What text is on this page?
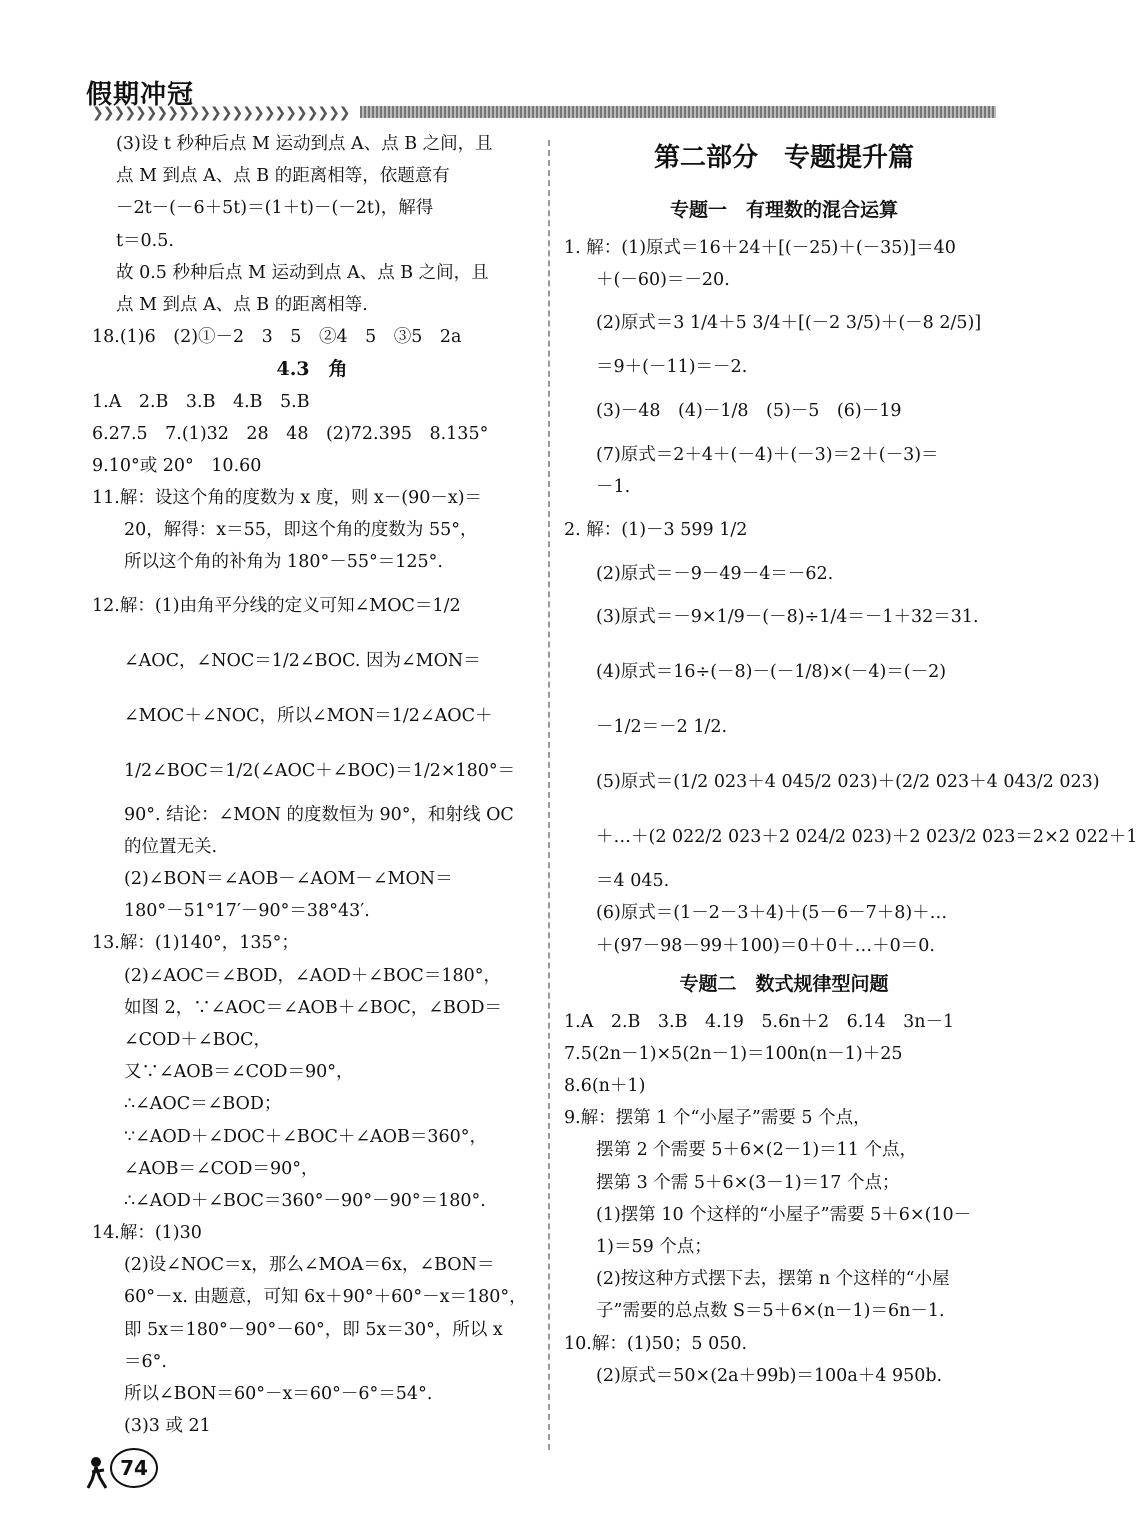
假期冲冠
❯❯❯❯❯❯❯❯❯❯❯❯❯❯❯❯❯❯❯❯❯❯❯❯
(3)设 t 秒种后点 M 运动到点 A、点 B 之间，且
点 M 到点 A、点 B 的距离相等，依题意有
－2t－(－6＋5t)＝(1＋t)－(－2t)，解得
t＝0.5.
故 0.5 秒种后点 M 运动到点 A、点 B 之间，且
点 M 到点 A、点 B 的距离相等.
18.(1)6　(2)①－2　3　5　②4　5　③5　2a
4.3　角
1.A　2.B　3.B　4.B　5.B
6.27.5　7.(1)32　28　48　(2)72.395　8.135°
9.10°或 20°　10.60
11.解：设这个角的度数为 x 度，则 x－(90－x)＝
20，解得：x＝55，即这个角的度数为 55°，
所以这个角的补角为 180°－55°＝125°.
12.解：(1)由角平分线的定义可知∠MOC＝1/2
∠AOC，∠NOC＝1/2∠BOC. 因为∠MON＝
∠MOC＋∠NOC，所以∠MON＝1/2∠AOC＋
1/2∠BOC＝1/2(∠AOC＋∠BOC)＝1/2×180°＝
90°. 结论：∠MON 的度数恒为 90°，和射线 OC
的位置无关.
(2)∠BON＝∠AOB－∠AOM－∠MON＝
180°－51°17′－90°＝38°43′.
13.解：(1)140°，135°；
(2)∠AOC＝∠BOD，∠AOD＋∠BOC＝180°，
如图 2，∵∠AOC＝∠AOB＋∠BOC，∠BOD＝
∠COD＋∠BOC，
又∵∠AOB＝∠COD＝90°，
∴∠AOC＝∠BOD；
∵∠AOD＋∠DOC＋∠BOC＋∠AOB＝360°，
∠AOB＝∠COD＝90°，
∴∠AOD＋∠BOC＝360°－90°－90°＝180°.
14.解：(1)30
(2)设∠NOC＝x，那么∠MOA＝6x，∠BON＝
60°－x. 由题意，可知 6x＋90°＋60°－x＝180°，
即 5x＝180°－90°－60°，即 5x＝30°，所以 x
＝6°.
所以∠BON＝60°－x＝60°－6°＝54°.
(3)3 或 21
第二部分　专题提升篇
专题一　有理数的混合运算
1. 解：(1)原式＝16＋24＋[(－25)＋(－35)]＝40
＋(－60)＝－20.
(2)原式＝3 1/4＋5 3/4＋[(－2 3/5)＋(－8 2/5)]
＝9＋(－11)＝－2.
(3)－48　(4)－1/8　(5)－5　(6)－19
(7)原式＝2＋4＋(－4)＋(－3)＝2＋(－3)＝
－1.
2. 解：(1)－3 599 1/2
(2)原式＝－9－49－4＝－62.
(3)原式＝－9×1/9－(－8)÷1/4＝－1＋32＝31.
(4)原式＝16÷(－8)－(－1/8)×(－4)＝(－2)
－1/2＝－2 1/2.
(5)原式＝(1/2 023＋4 045/2 023)＋(2/2 023＋4 043/2 023)
＋…＋(2 022/2 023＋2 024/2 023)＋2 023/2 023＝2×2 022＋1
＝4 045.
(6)原式＝(1－2－3＋4)＋(5－6－7＋8)＋…
＋(97－98－99＋100)＝0＋0＋…＋0＝0.
专题二　数式规律型问题
1.A　2.B　3.B　4.19　5.6n＋2　6.14　3n－1
7.5(2n－1)×5(2n－1)＝100n(n－1)＋25
8.6(n＋1)
9.解：摆第 1 个“小屋子”需要 5 个点，
摆第 2 个需要 5＋6×(2－1)＝11 个点，
摆第 3 个需 5＋6×(3－1)＝17 个点；
(1)摆第 10 个这样的“小屋子”需要 5＋6×(10－
1)＝59 个点；
(2)按这种方式摆下去，摆第 n 个这样的“小屋
子”需要的总点数 S＝5＋6×(n－1)＝6n－1.
10.解：(1)50；5 050.
(2)原式＝50×(2a＋99b)＝100a＋4 950b.
74
